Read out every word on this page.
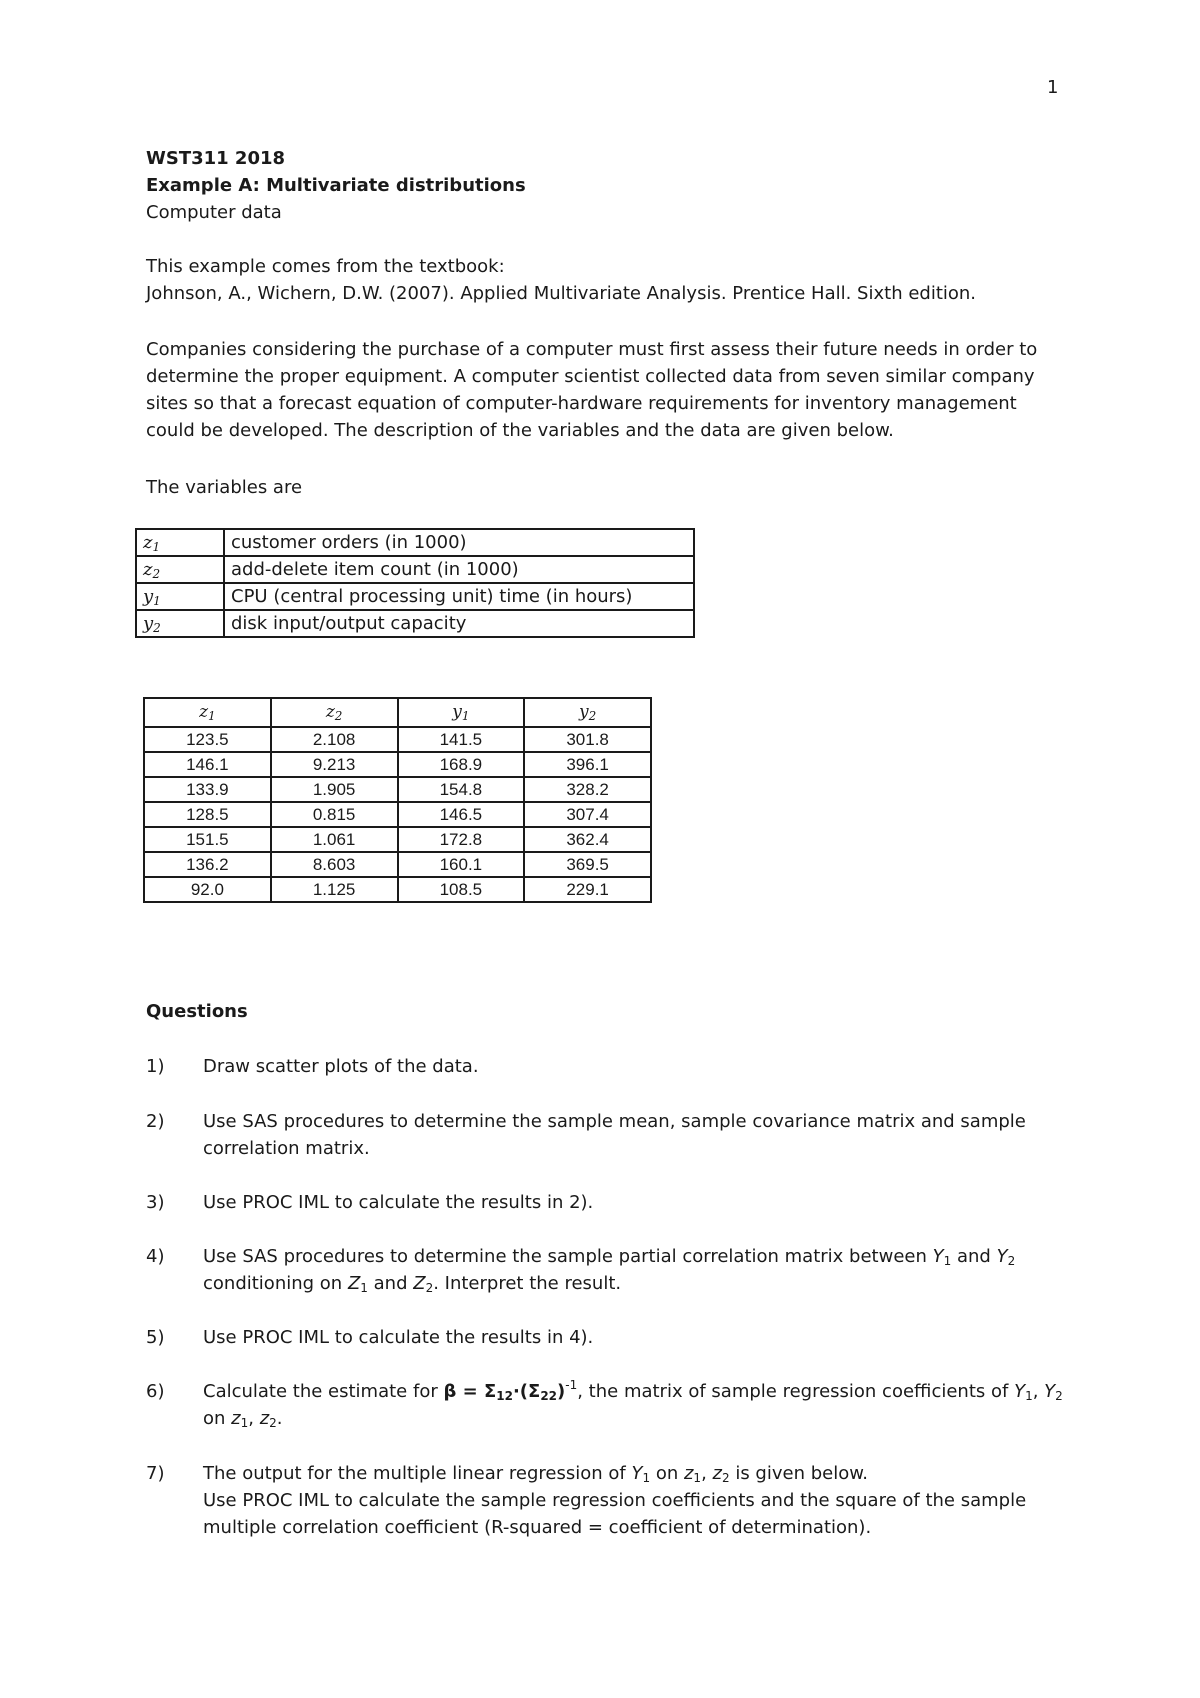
1
WST311 2018
Example A: Multivariate distributions
Computer data
This example comes from the textbook:
Johnson, A., Wichern, D.W. (2007). Applied Multivariate Analysis. Prentice Hall. Sixth edition.
Companies considering the purchase of a computer must first assess their future needs in order to
determine the proper equipment. A computer scientist collected data from seven similar company
sites so that a forecast equation of computer-hardware requirements for inventory management
could be developed. The description of the variables and the data are given below.
The variables are
$z_1$	customer orders (in 1000)
$z_2$	add-delete item count (in 1000)
$y_1$	CPU (central processing unit) time (in hours)
$y_2$	disk input/output capacity
$z_1$	$z_2$	$y_1$	$y_2$
123.5	2.108	141.5	301.8
146.1	9.213	168.9	396.1
133.9	1.905	154.8	328.2
128.5	0.815	146.5	307.4
151.5	1.061	172.8	362.4
136.2	8.603	160.1	369.5
92.0	1.125	108.5	229.1
Questions
1) Draw scatter plots of the data.
2) Use SAS procedures to determine the sample mean, sample covariance matrix and sample
correlation matrix.
3) Use PROC IML to calculate the results in 2).
4) Use SAS procedures to determine the sample partial correlation matrix between $Y_1$ and $Y_2$
conditioning on $Z_1$ and $Z_2$. Interpret the result.
5) Use PROC IML to calculate the results in 4).
6) Calculate the estimate for $\beta = \Sigma_{12}\cdot(\Sigma_{22})^{-1}$, the matrix of sample regression coefficients of $Y_1$, $Y_2$
on $z_1$, $z_2$.
7) The output for the multiple linear regression of $Y_1$ on $z_1$, $z_2$ is given below.
Use PROC IML to calculate the sample regression coefficients and the square of the sample
multiple correlation coefficient (R-squared = coefficient of determination).
